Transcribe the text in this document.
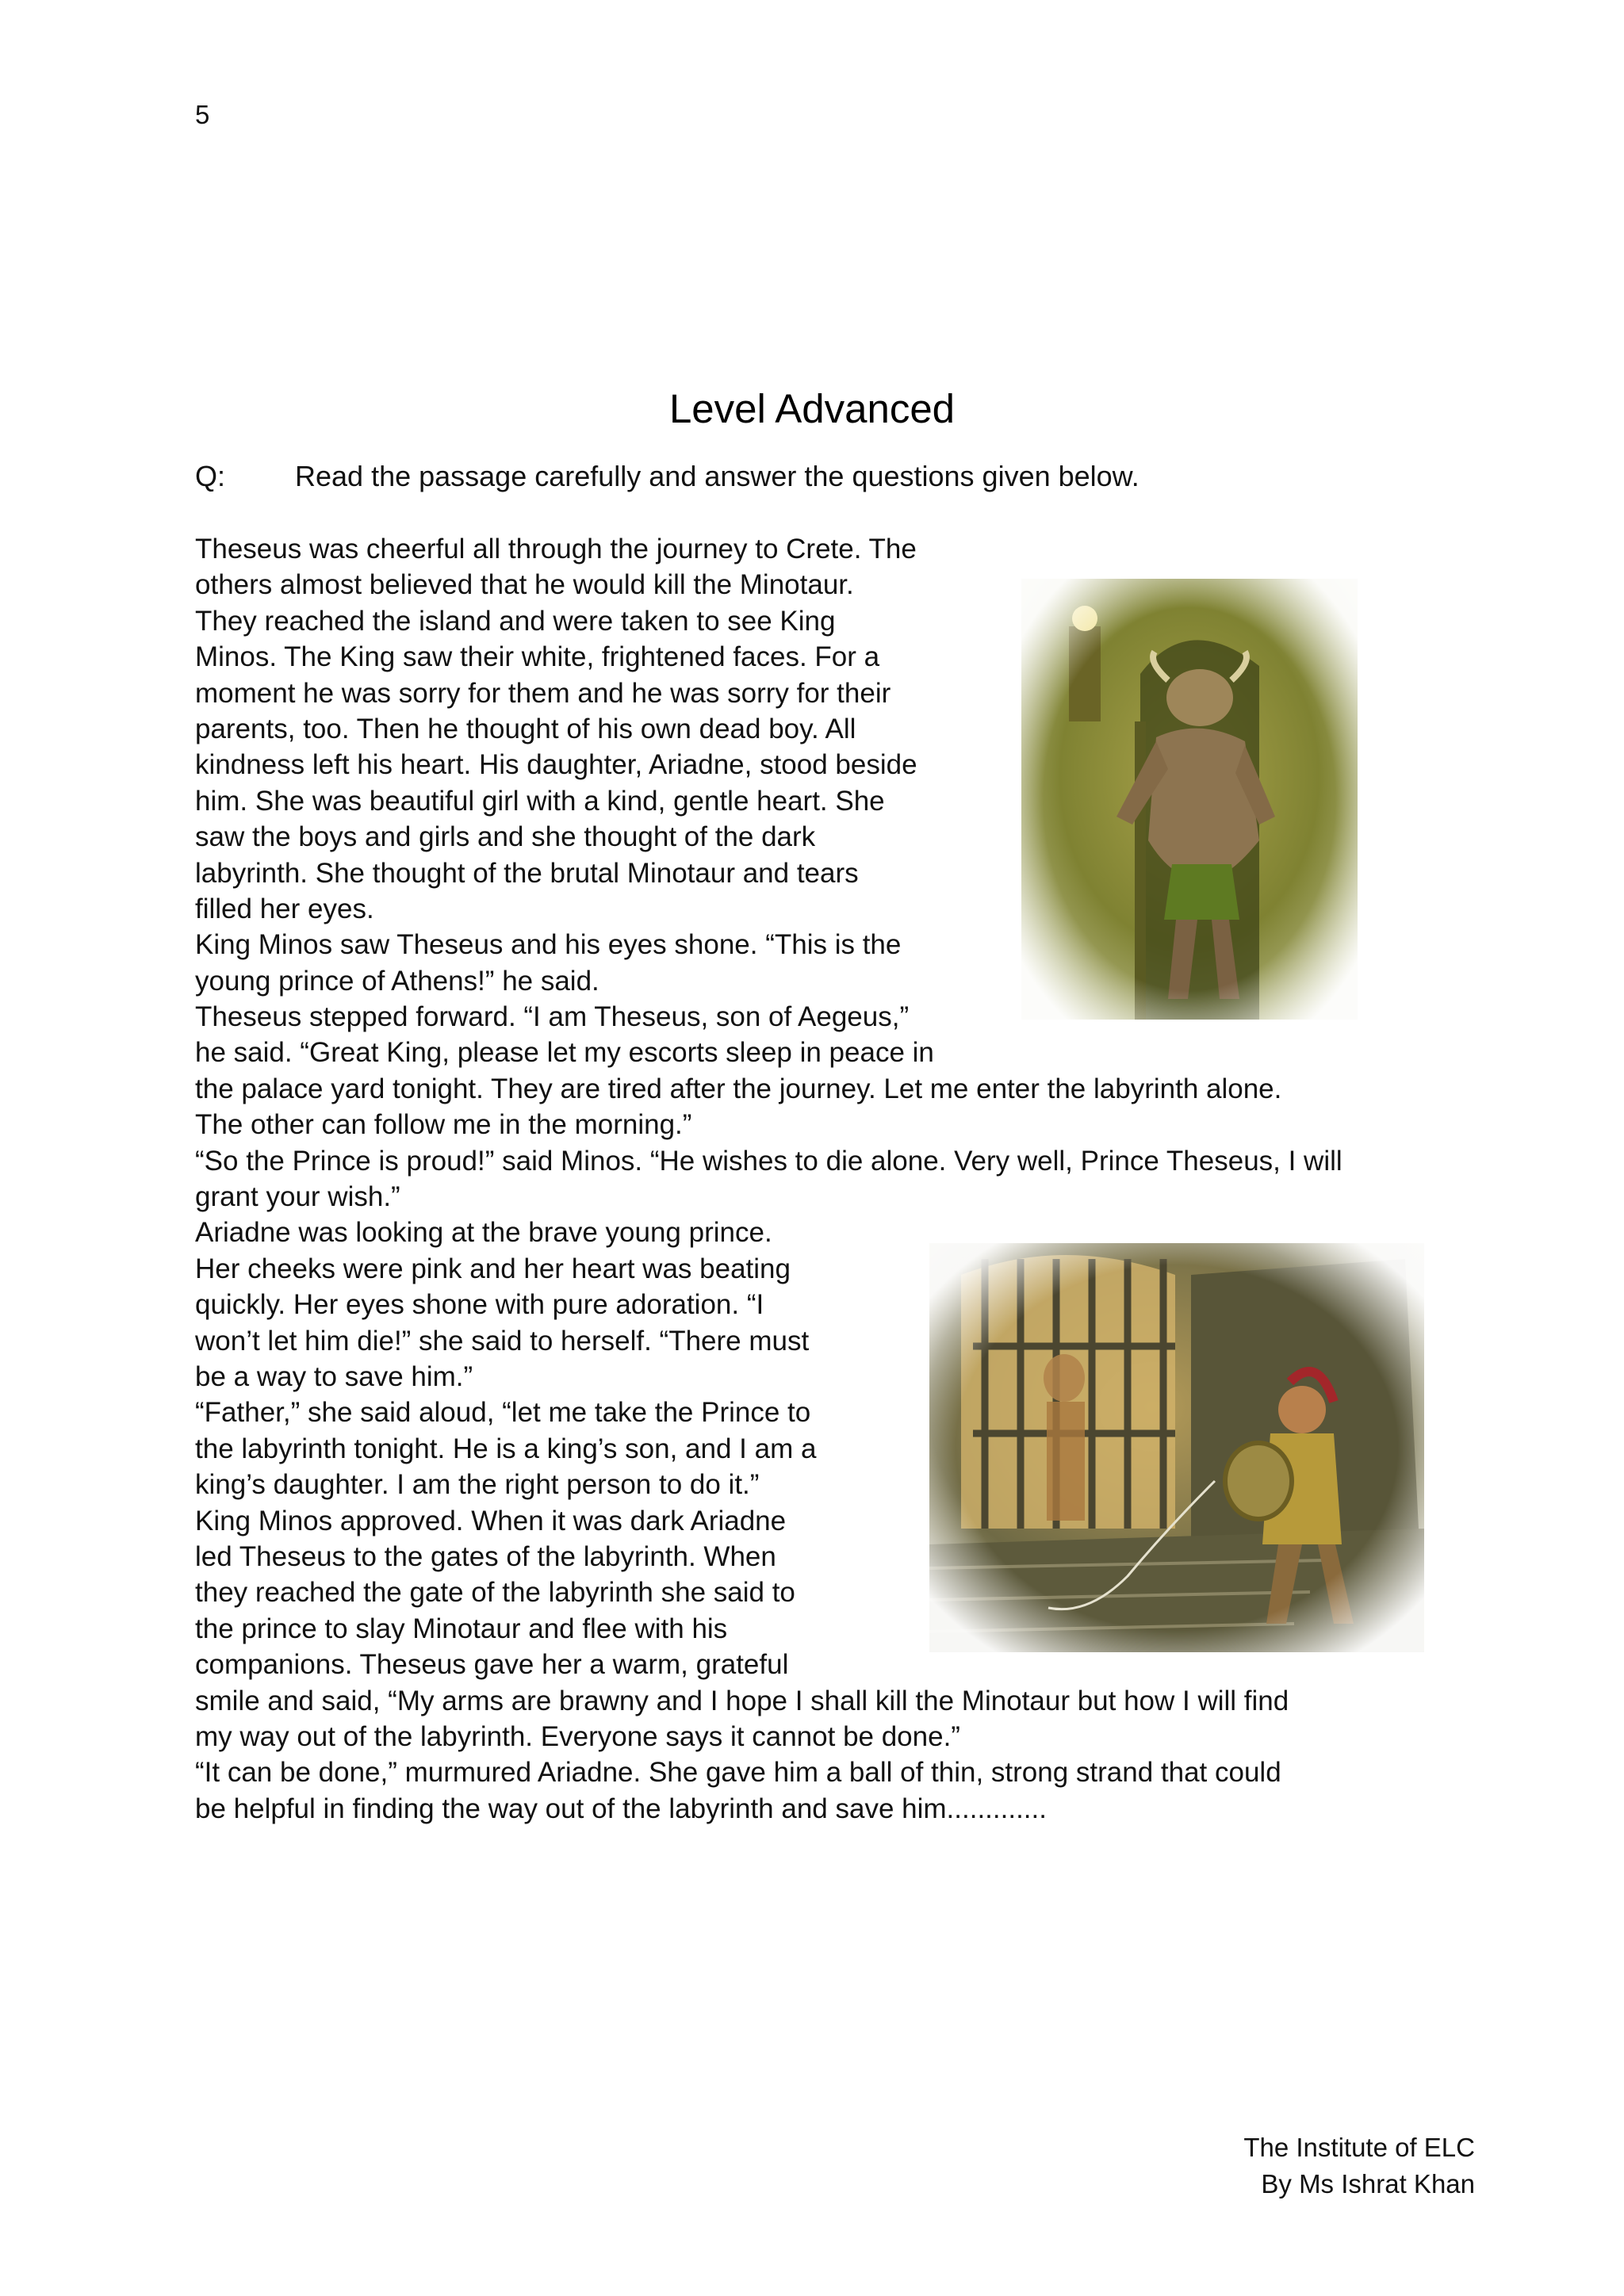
5
Level Advanced
Q: Read the passage carefully and answer the questions given below.
Theseus was cheerful all through the journey to Crete. The
others almost believed that he would kill the Minotaur.
They reached the island and were taken to see King
Minos. The King saw their white, frightened faces. For a
moment he was sorry for them and he was sorry for their
parents, too. Then he thought of his own dead boy. All
kindness left his heart. His daughter, Ariadne, stood beside
him. She was beautiful girl with a kind, gentle heart. She
saw the boys and girls and she thought of the dark
labyrinth. She thought of the brutal Minotaur and tears
filled her eyes.
King Minos saw Theseus and his eyes shone. “This is the
young prince of Athens!” he said.
Theseus stepped forward. “I am Theseus, son of Aegeus,”
he said. “Great King, please let my escorts sleep in peace in
the palace yard tonight. They are tired after the journey. Let me enter the labyrinth alone.
The other can follow me in the morning.”
“So the Prince is proud!” said Minos. “He wishes to die alone. Very well, Prince Theseus, I will
grant your wish.”
Ariadne was looking at the brave young prince.
Her cheeks were pink and her heart was beating
quickly. Her eyes shone with pure adoration. “I
won’t let him die!” she said to herself. “There must
be a way to save him.”
“Father,” she said aloud, “let me take the Prince to
the labyrinth tonight. He is a king’s son, and I am a
king’s daughter. I am the right person to do it.”
King Minos approved. When it was dark Ariadne
led Theseus to the gates of the labyrinth. When
they reached the gate of the labyrinth she said to
the prince to slay Minotaur and flee with his
companions. Theseus gave her a warm, grateful
smile and said, “My arms are brawny and I hope I shall kill the Minotaur but how I will find
my way out of the labyrinth. Everyone says it cannot be done.”
“It can be done,” murmured Ariadne. She gave him a ball of thin, strong strand that could
be helpful in finding the way out of the labyrinth and save him.............
The Institute of ELC
By Ms Ishrat Khan
